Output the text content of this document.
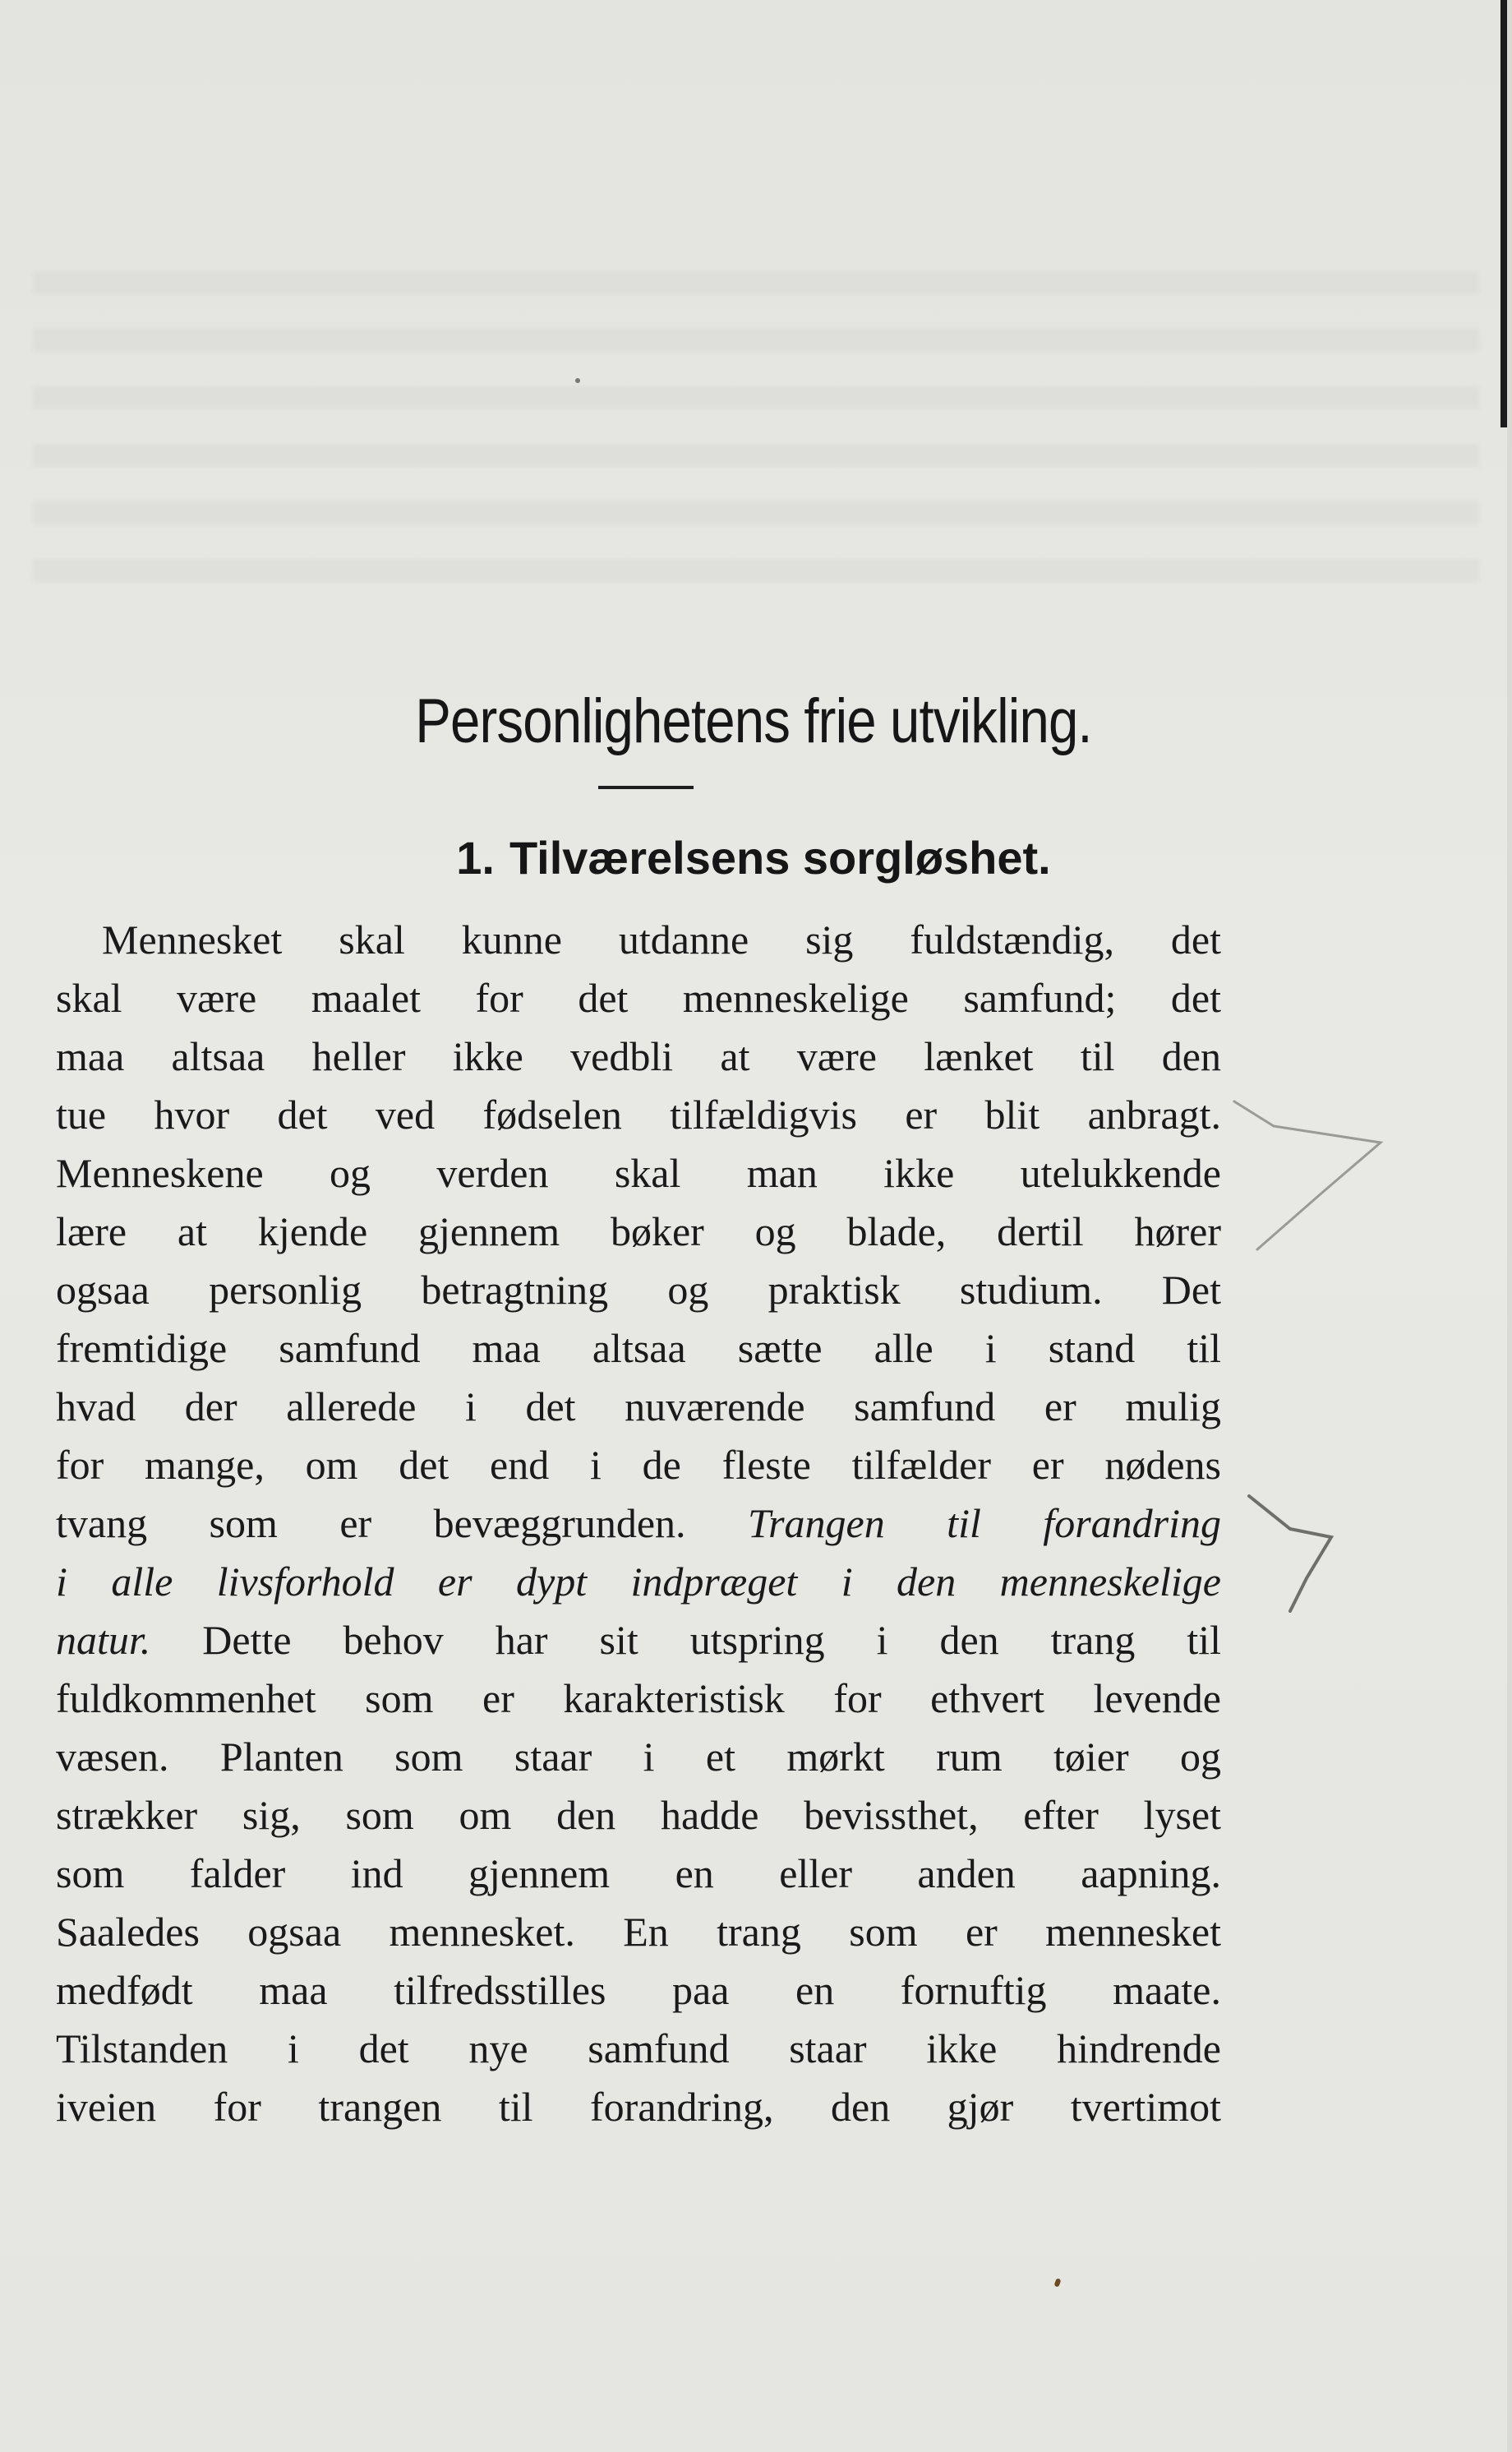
Personlighetens frie utvikling.
1. Tilværelsens sorgløshet.
Mennesket skal kunne utdanne sig fuldstændig, det
skal være maalet for det menneskelige samfund; det
maa altsaa heller ikke vedbli at være lænket til den
tue hvor det ved fødselen tilfældigvis er blit anbragt.
Menneskene og verden skal man ikke utelukkende
lære at kjende gjennem bøker og blade, dertil hører
ogsaa personlig betragtning og praktisk studium. Det
fremtidige samfund maa altsaa sætte alle i stand til
hvad der allerede i det nuværende samfund er mulig
for mange, om det end i de fleste tilfælder er nødens
tvang som er bevæggrunden. Trangen til forandring
i alle livsforhold er dypt indpræget i den menneskelige
natur. Dette behov har sit utspring i den trang til
fuldkommenhet som er karakteristisk for ethvert levende
væsen. Planten som staar i et mørkt rum tøier og
strækker sig, som om den hadde bevissthet, efter lyset
som falder ind gjennem en eller anden aapning.
Saaledes ogsaa mennesket. En trang som er mennesket
medfødt maa tilfredsstilles paa en fornuftig maate.
Tilstanden i det nye samfund staar ikke hindrende
iveien for trangen til forandring, den gjør tvertimot
